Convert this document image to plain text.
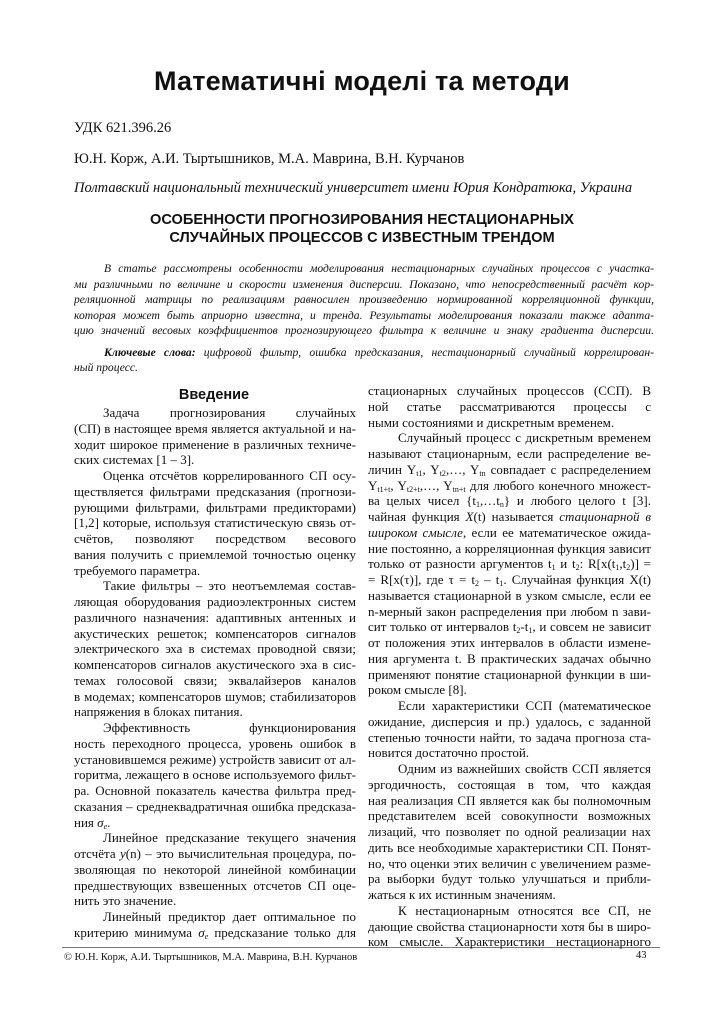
Математичні моделі та методи
УДК 621.396.26
Ю.Н. Корж, А.И. Тыртышников, М.А. Маврина, В.Н. Курчанов
Полтавский национальный технический университет имени Юрия Кондратюка, Украина
ОСОБЕННОСТИ ПРОГНОЗИРОВАНИЯ НЕСТАЦИОНАРНЫХ
СЛУЧАЙНЫХ ПРОЦЕССОВ С ИЗВЕСТНЫМ ТРЕНДОМ
Введение
© Ю.Н. Корж, А.И. Тыртышников, М.А. Маврина, В.Н. Курчанов	43
В статье рассмотрены особенности моделирования нестационарных случайных процессов с участка-
ми различными по величине и скорости изменения дисперсии. Показано, что непосредственный расчёт кор-
реляционной матрицы по реализациям равносилен произведению нормированной корреляционной функции,
которая может быть априорно известна, и тренда. Результаты моделирования показали также адапта-
цию значений весовых коэффициентов прогнозирующего фильтра к величине и знаку градиента дисперсии.
Ключевые слова: цифровой фильтр, ошибка предсказания, нестационарный случайный коррелирован-
ный процесс.
Задача прогнозирования случайных
(СП) в настоящее время является актуальной и на-
ходит широкое применение в различных техниче-
ских системах [1 – 3].
Оценка отсчётов коррелированного СП осу-
ществляется фильтрами предсказания (прогнози-
рующими фильтрами, фильтрами предикторами)
[1,2] которые, используя статистическую связь от-
счётов, позволяют посредством весового
вания получить с приемлемой точностью оценку
требуемого параметра.
Такие фильтры – это неотъемлемая состав-
ляющая оборудования радиоэлектронных систем
различного назначения: адаптивных антенных и
акустических решеток; компенсаторов сигналов
электрического эха в системах проводной связи;
компенсаторов сигналов акустического эха в сис-
темах голосовой связи; эквалайзеров каналов
в модемах; компенсаторов шумов; стабилизаторов
напряжения в блоках питания.
Эффективность функционирования
ность переходного процесса, уровень ошибок в
установившемся режиме) устройств зависит от ал-
горитма, лежащего в основе используемого фильт-
ра. Основной показатель качества фильтра пред-
сказания – среднеквадратичная ошибка предсказа-
ния $\sigma_e$.
Линейное предсказание текущего значения
отсчёта y(n) – это вычислительная процедура, по-
зволяющая по некоторой линейной комбинации
предшествующих взвешенных отсчетов СП оце-
нить это значение.
Линейный предиктор дает оптимальное по
критерию минимума $\sigma_e$ предсказание только для
стационарных случайных процессов (ССП). В
ной статье рассматриваются процессы с
ными состояниями и дискретным временем.
Случайный процесс с дискретным временем
называют стационарным, если распределение ве-
личин $Y_{t1}$, $Y_{t2},\dots$, $Y_{tn}$ совпадает с распределением
$Y_{t1+t}$, $Y_{t2+t},\dots$, $Y_{tn+t}$ для любого конечного множест-
ва целых чисел $\{t_1,\dots t_n\}$ и любого целого t [3].
чайная функция X(t) называется стационарной в
широком смысле, если ее математическое ожида-
ние постоянно, а корреляционная функция зависит
только от разности аргументов $t_1$ и $t_2$: $R[x(t_1,t_2)]$ =
= R[x(τ)], где $\tau = t_2 - t_1$. Случайная функция X(t)
называется стационарной в узком смысле, если ее
n-мерный закон распределения при любом n зави-
сит только от интервалов $t_2-t_1$, и совсем не зависит
от положения этих интервалов в области измене-
ния аргумента t. В практических задачах обычно
применяют понятие стационарной функции в ши-
роком смысле [8].
Если характеристики ССП (математическое
ожидание, дисперсия и пр.) удалось, с заданной
степенью точности найти, то задача прогноза ста-
новится достаточно простой.
Одним из важнейших свойств ССП является
эргодичность, состоящая в том, что каждая
ная реализация СП является как бы полномочным
представителем всей совокупности возможных
лизаций, что позволяет по одной реализации нах
дить все необходимые характеристики СП. Понят-
но, что оценки этих величин с увеличением разме-
ра выборки будут только улучшаться и прибли-
жаться к их истинным значениям.
К нестационарным относятся все СП, не
дающие свойства стационарности хотя бы в широ-
ком смысле. Характеристики нестационарного
